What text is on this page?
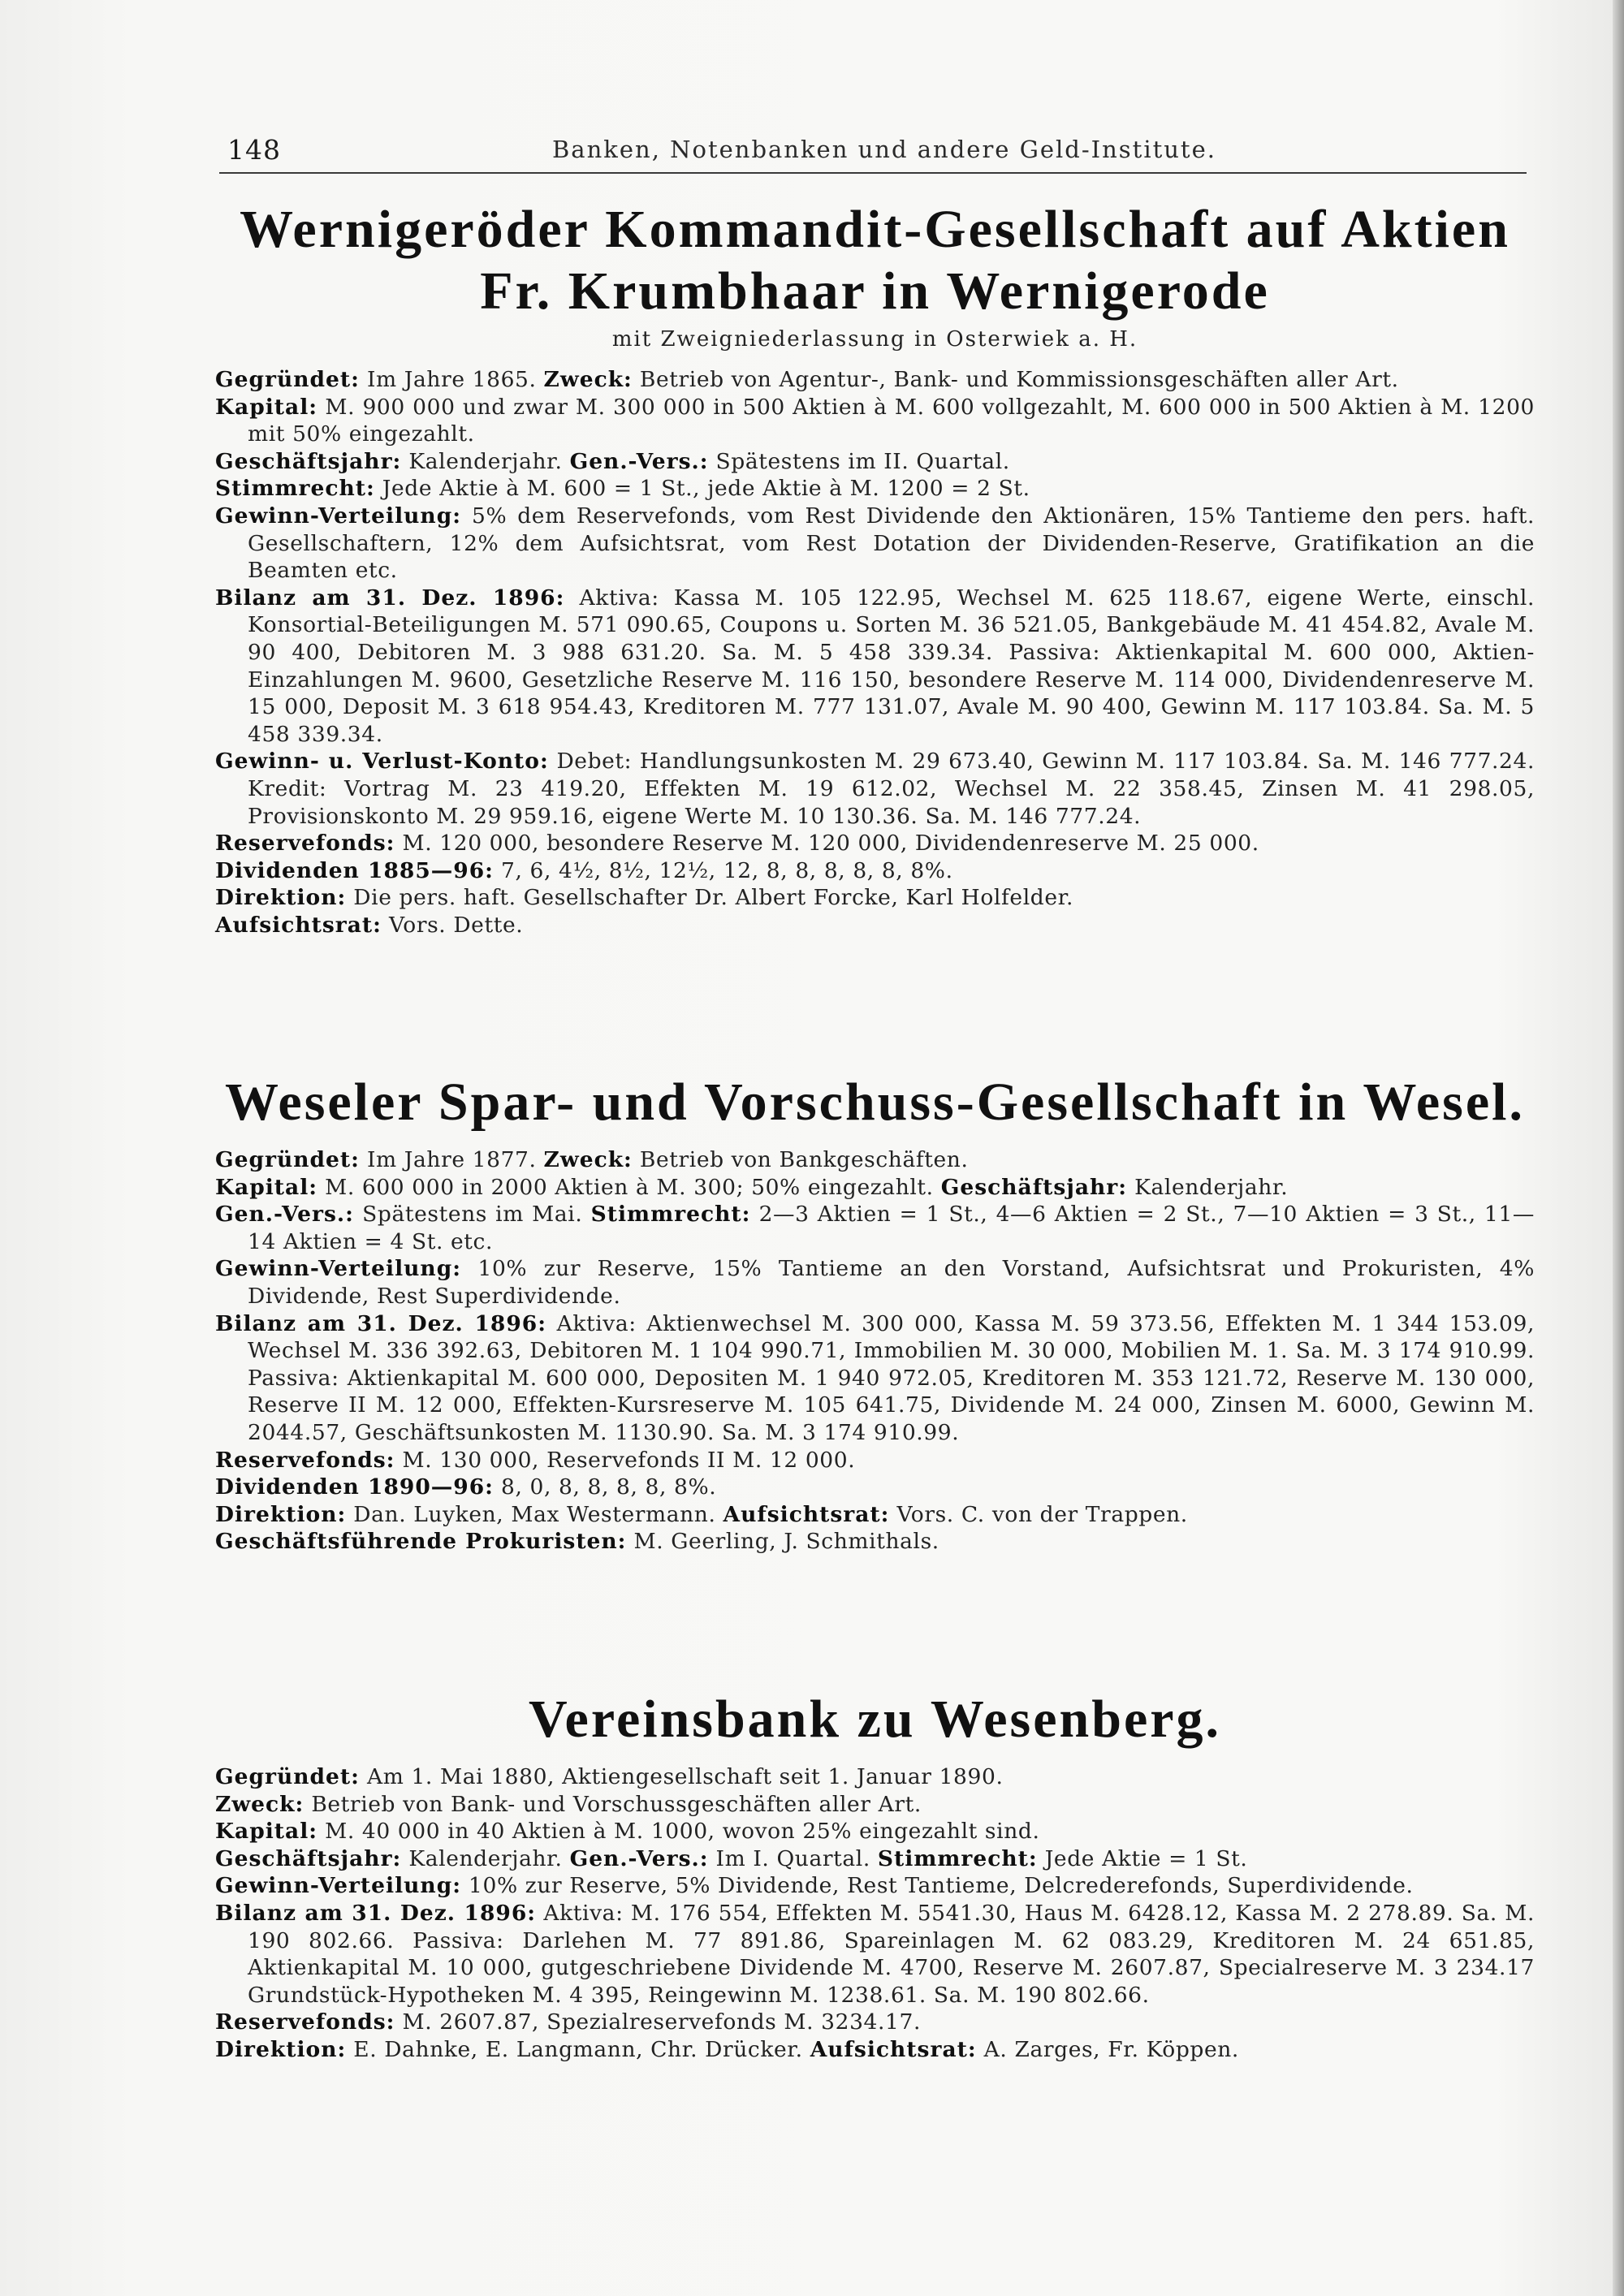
148	Banken, Notenbanken und andere Geld-Institute.
Wernigeröder Kommandit-Gesellschaft auf Aktien
Fr. Krumbhaar in Wernigerode
mit Zweigniederlassung in Osterwiek a. H.

Gegründet: Im Jahre 1865. Zweck: Betrieb von Agentur-, Bank- und Kommissionsgeschäften aller Art.

Kapital: M. 900 000 und zwar M. 300 000 in 500 Aktien à M. 600 vollgezahlt, M. 600 000 in 500 Aktien à M. 1200 mit 50% eingezahlt.

Geschäftsjahr: Kalenderjahr. Gen.-Vers.: Spätestens im II. Quartal.

Stimmrecht: Jede Aktie à M. 600 = 1 St., jede Aktie à M. 1200 = 2 St.

Gewinn-Verteilung: 5% dem Reservefonds, vom Rest Dividende den Aktionären, 15% Tantieme den pers. haft. Gesellschaftern, 12% dem Aufsichtsrat, vom Rest Dotation der Dividenden-Reserve, Gratifikation an die Beamten etc.

Bilanz am 31. Dez. 1896: Aktiva: Kassa M. 105 122.95, Wechsel M. 625 118.67, eigene Werte, einschl. Konsortial-Beteiligungen M. 571 090.65, Coupons u. Sorten M. 36 521.05, Bankgebäude M. 41 454.82, Avale M. 90 400, Debitoren M. 3 988 631.20. Sa. M. 5 458 339.34. Passiva: Aktienkapital M. 600 000, Aktien-Einzahlungen M. 9600, Gesetzliche Reserve M. 116 150, besondere Reserve M. 114 000, Dividendenreserve M. 15 000, Deposit M. 3 618 954.43, Kreditoren M. 777 131.07, Avale M. 90 400, Gewinn M. 117 103.84. Sa. M. 5 458 339.34.

Gewinn- u. Verlust-Konto: Debet: Handlungsunkosten M. 29 673.40, Gewinn M. 117 103.84. Sa. M. 146 777.24. Kredit: Vortrag M. 23 419.20, Effekten M. 19 612.02, Wechsel M. 22 358.45, Zinsen M. 41 298.05, Provisionskonto M. 29 959.16, eigene Werte M. 10 130.36. Sa. M. 146 777.24.

Reservefonds: M. 120 000, besondere Reserve M. 120 000, Dividendenreserve M. 25 000.

Dividenden 1885—96: 7, 6, 4½, 8½, 12½, 12, 8, 8, 8, 8, 8, 8%.

Direktion: Die pers. haft. Gesellschafter Dr. Albert Forcke, Karl Holfelder.

Aufsichtsrat: Vors. Dette.

Weseler Spar- und Vorschuss-Gesellschaft in Wesel.

Gegründet: Im Jahre 1877. Zweck: Betrieb von Bankgeschäften.

Kapital: M. 600 000 in 2000 Aktien à M. 300; 50% eingezahlt. Geschäftsjahr: Kalenderjahr.

Gen.-Vers.: Spätestens im Mai. Stimmrecht: 2—3 Aktien = 1 St., 4—6 Aktien = 2 St., 7—10 Aktien = 3 St., 11—14 Aktien = 4 St. etc.

Gewinn-Verteilung: 10% zur Reserve, 15% Tantieme an den Vorstand, Aufsichtsrat und Prokuristen, 4% Dividende, Rest Superdividende.

Bilanz am 31. Dez. 1896: Aktiva: Aktienwechsel M. 300 000, Kassa M. 59 373.56, Effekten M. 1 344 153.09, Wechsel M. 336 392.63, Debitoren M. 1 104 990.71, Immobilien M. 30 000, Mobilien M. 1. Sa. M. 3 174 910.99. Passiva: Aktienkapital M. 600 000, Depositen M. 1 940 972.05, Kreditoren M. 353 121.72, Reserve M. 130 000, Reserve II M. 12 000, Effekten-Kursreserve M. 105 641.75, Dividende M. 24 000, Zinsen M. 6000, Gewinn M. 2044.57, Geschäftsunkosten M. 1130.90. Sa. M. 3 174 910.99.

Reservefonds: M. 130 000, Reservefonds II M. 12 000.

Dividenden 1890—96: 8, 0, 8, 8, 8, 8, 8%.

Direktion: Dan. Luyken, Max Westermann. Aufsichtsrat: Vors. C. von der Trappen.

Geschäftsführende Prokuristen: M. Geerling, J. Schmithals.

Vereinsbank zu Wesenberg.

Gegründet: Am 1. Mai 1880, Aktiengesellschaft seit 1. Januar 1890.

Zweck: Betrieb von Bank- und Vorschussgeschäften aller Art.

Kapital: M. 40 000 in 40 Aktien à M. 1000, wovon 25% eingezahlt sind.

Geschäftsjahr: Kalenderjahr. Gen.-Vers.: Im I. Quartal. Stimmrecht: Jede Aktie = 1 St.

Gewinn-Verteilung: 10% zur Reserve, 5% Dividende, Rest Tantieme, Delcrederefonds, Superdividende.

Bilanz am 31. Dez. 1896: Aktiva: M. 176 554, Effekten M. 5541.30, Haus M. 6428.12, Kassa M. 2 278.89. Sa. M. 190 802.66. Passiva: Darlehen M. 77 891.86, Spareinlagen M. 62 083.29, Kreditoren M. 24 651.85, Aktienkapital M. 10 000, gutgeschriebene Dividende M. 4700, Reserve M. 2607.87, Specialreserve M. 3 234.17 Grundstück-Hypotheken M. 4 395, Reingewinn M. 1238.61. Sa. M. 190 802.66.

Reservefonds: M. 2607.87, Spezialreservefonds M. 3234.17.

Direktion: E. Dahnke, E. Langmann, Chr. Drücker. Aufsichtsrat: A. Zarges, Fr. Köppen.
